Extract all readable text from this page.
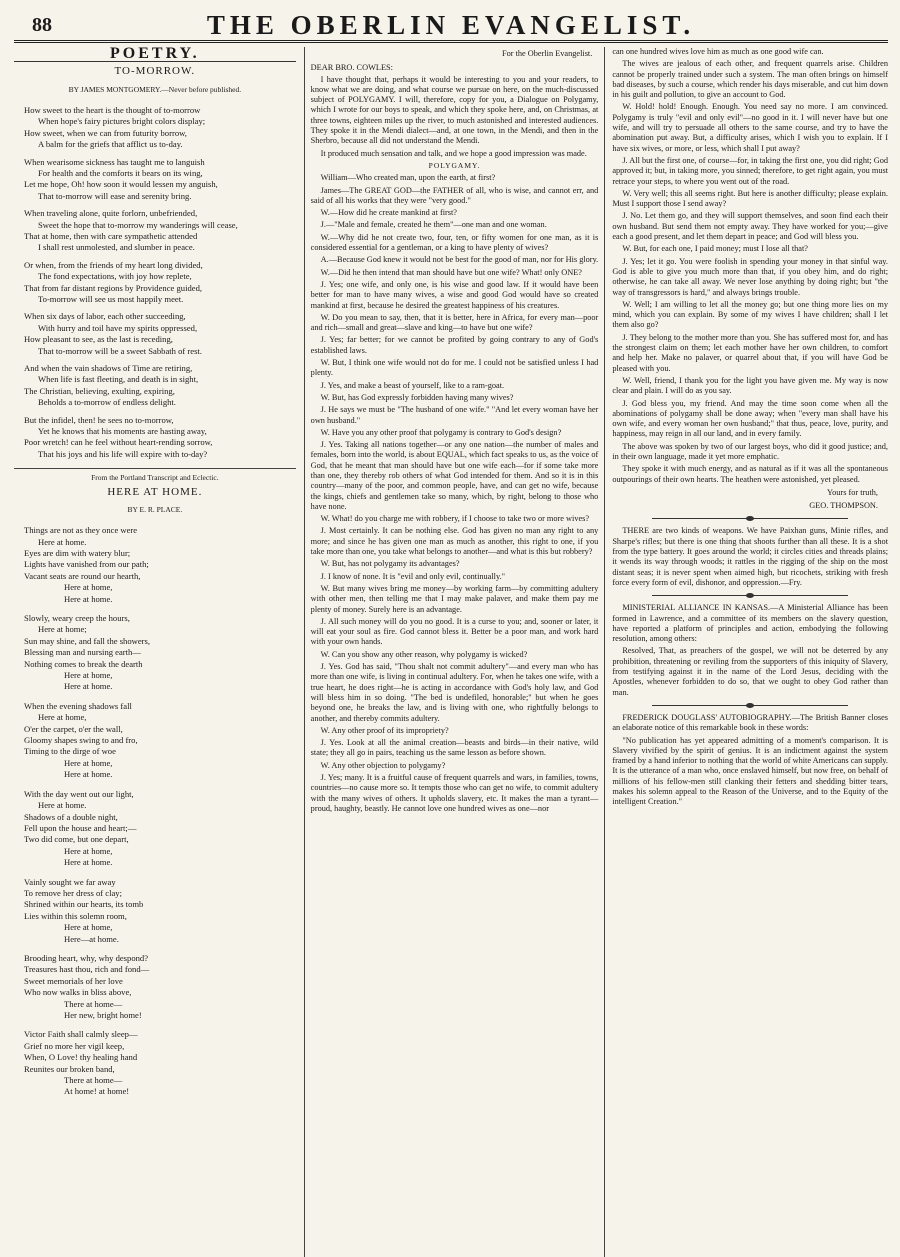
88	THE OBERLIN EVANGELIST.
POETRY.
TO-MORROW.
BY JAMES MONTGOMERY.—Never before published.
How sweet to the heart is the thought of to-morrow
When hope's fairy pictures bright colors display;
How sweet, when we can from futurity borrow,
A balm for the griefs that afflict us to-day.
When wearisome sickness has taught me to languish
For health and the comforts it bears on its wing,
Let me hope, Oh! how soon it would lessen my anguish,
That to-morrow will ease and serenity bring.
When traveling alone, quite forlorn, unbefriended,
Sweet the hope that to-morrow my wanderings will cease,
That at home, then with care sympathetic attended
I shall rest unmolested, and slumber in peace.
Or when, from the friends of my heart long divided,
The fond expectations, with joy how replete,
That from far distant regions by Providence guided,
To-morrow will see us most happily meet.
When six days of labor, each other succeeding,
With hurry and toil have my spirits oppressed,
How pleasant to see, as the last is receding,
That to-morrow will be a sweet Sabbath of rest.
And when the vain shadows of Time are retiring,
When life is fast fleeting, and death is in sight,
The Christian, believing, exulting, expiring,
Beholds a to-morrow of endless delight.
But the infidel, then! he sees no to-morrow,
Yet he knows that his moments are hasting away,
Poor wretch! can he feel without heart-rending sorrow,
That his joys and his life will expire with to-day?
From the Portland Transcript and Eclectic.
HERE AT HOME.
BY E. R. PLACE.
Things are not as they once were
Here at home.
Eyes are dim with watery blur;
Lights have vanished from our path;
Vacant seats are round our hearth,
Here at home,
Here at home.
Slowly, weary creep the hours,
Here at home;
Sun may shine, and fall the showers,
Blessing man and nursing earth—
Nothing comes to break the dearth
Here at home,
Here at home.
When the evening shadows fall
Here at home,
O'er the carpet, o'er the wall,
Gloomy shapes swing to and fro,
Timing to the dirge of woe
Here at home,
Here at home.
With the day went out our light,
Here at home.
Shadows of a double night,
Fell upon the house and heart;—
Two did come, but one depart,
Here at home,
Here at home.
Vainly sought we far away
To remove her dress of clay;
Shrined within our hearts, its tomb
Lies within this solemn room,
Here at home,
Here—at home.
Brooding heart, why, why despond?
Treasures hast thou, rich and fond—
Sweet memorials of her love
Who now walks in bliss above,
There at home—
Her new, bright home!
Victor Faith shall calmly sleep—
Grief no more her vigil keep,
When, O Love! thy healing hand
Reunites our broken band,
There at home—
At home! at home!

For the Oberlin Evangelist.

DEAR BRO. COWLES:

I have thought that, perhaps it would be interesting to you and your readers, to know what we are doing, and what course we pursue on here, on the much-discussed subject of POLYGAMY. I will, therefore, copy for you, a Dialogue on Polygamy, which I wrote for our boys to speak, and which they spoke here, and, on Christmas, at three towns, eighteen miles up the river, to much astonished and interested audiences. They spoke it in the Mendi dialect—and, at one town, in the Mendi, and then in the Sherbro, because all did not understand the Mendi.

It produced much sensation and talk, and we hope a good impression was made.

POLYGAMY.

William—Who created man, upon the earth, at first?

James—The GREAT GOD—the FATHER of all, who is wise, and cannot err, and said of all his works that they were "very good."

W.—How did he create mankind at first?

J.—"Male and female, created he them"—one man and one woman.

W.—Why did he not create two, four, ten, or fifty women for one man, as it is considered essential for a gentleman, or a king to have plenty of wives?

A.—Because God knew it would not be best for the good of man, nor for His glory.

W.—Did he then intend that man should have but one wife? What! only ONE?

J. Yes; one wife, and only one, is his wise and good law. If it would have been better for man to have many wives, a wise and good God would have so created mankind at first, because he desired the greatest happiness of his creatures.

W. Do you mean to say, then, that it is better, here in Africa, for every man—poor and rich—small and great—slave and king—to have but one wife?

J. Yes; far better; for we cannot be profited by going contrary to any of God's established laws.

W. But, I think one wife would not do for me. I could not be satisfied unless I had plenty.

J. Yes, and make a beast of yourself, like to a ram-goat.

W. But, has God expressly forbidden having many wives?

J. He says we must be "The husband of one wife." "And let every woman have her own husband."

W. Have you any other proof that polygamy is contrary to God's design?

J. Yes. Taking all nations together—or any one nation—the number of males and females, born into the world, is about EQUAL, which fact speaks to us, as the voice of God, that he meant that man should have but one wife each—for if some take more than one, they thereby rob others of what God intended for them. And so it is in this country—many of the poor, and common people, have, and can get no wife, because the kings, chiefs and gentlemen take so many, which, by right, belong to those who have none.

W. What! do you charge me with robbery, if I choose to take two or more wives?

J. Most certainly. It can be nothing else. God has given no man any right to any more; and since he has given one man as much as another, this right to one, if you take more than one, you take what belongs to another—and what is this but robbery?

W. But, has not polygamy its advantages?

J. I know of none. It is "evil and only evil, continually."

W. But many wives bring me money—by working farm—by committing adultery with other men, then telling me that I may make palaver, and make them pay me plenty of money. Surely here is an advantage.

J. All such money will do you no good. It is a curse to you; and, sooner or later, it will eat your soul as fire. God cannot bless it. Better be a poor man, and work hard with your own hands.

W. Can you show any other reason, why polygamy is wicked?

J. Yes. God has said, "Thou shalt not commit adultery"—and every man who has more than one wife, is living in continual adultery. For, when he takes one wife, with a true heart, he does right—he is acting in accordance with God's holy law, and God will bless him in so doing. "The bed is undefiled, honorable;" but when he goes beyond one, he breaks the law, and is living with one, who rightfully belongs to another, and thereby commits adultery.

W. Any other proof of its impropriety?

J. Yes. Look at all the animal creation—beasts and birds—in their native, wild state; they all go in pairs, teaching us the same lesson as before shown.

W. Any other objection to polygamy?

J. Yes; many. It is a fruitful cause of frequent quarrels and wars, in families, towns, countries—no cause more so. It tempts those who can get no wife, to commit adultery with the many wives of others. It upholds slavery, etc. It makes the man a tyrant—proud, haughty, beastly. He cannot love one hundred wives as one—nor

can one hundred wives love him as much as one good wife can.

The wives are jealous of each other, and frequent quarrels arise. Children cannot be properly trained under such a system. The man often brings on himself bad diseases, by such a course, which render his days miserable, and cut him down in his guilt and pollution, to give an account to God.

W. Hold! hold! Enough. Enough. You need say no more. I am convinced. Polygamy is truly "evil and only evil"—no good in it. I will never have but one wife, and will try to persuade all others to the same course, and try to have the abomination put away. But, a difficulty arises, which I wish you to explain. If I have six wives, or more, or less, which shall I put away?

J. All but the first one, of course—for, in taking the first one, you did right; God approved it; but, in taking more, you sinned; therefore, to get right again, you must retrace your steps, to where you went out of the road.

W. Very well; this all seems right. But here is another difficulty; please explain. Must I support those I send away?

J. No. Let them go, and they will support themselves, and soon find each their own husband. But send them not empty away. They have worked for you;—give each a good present, and let them depart in peace; and God will bless you.

W. But, for each one, I paid money; must I lose all that?

J. Yes; let it go. You were foolish in spending your money in that sinful way. God is able to give you much more than that, if you obey him, and do right; otherwise, he can take all away. We never lose anything by doing right; but "the way of transgressors is hard," and always brings trouble.

W. Well; I am willing to let all the money go; but one thing more lies on my mind, which you can explain. By some of my wives I have children; shall I let them also go?

J. They belong to the mother more than you. She has suffered most for, and has the strongest claim on them; let each mother have her own children, to comfort and help her. Make no palaver, or quarrel about that, if you will have God be pleased with you.

W. Well, friend, I thank you for the light you have given me. My way is now clear and plain. I will do as you say.

J. God bless you, my friend. And may the time soon come when all the abominations of polygamy shall be done away; when "every man shall have his own wife, and every woman her own husband;" that thus, peace, love, purity, and happiness, may reign in all our land, and in every family.

The above was spoken by two of our largest boys, who did it good justice; and, in their own language, made it yet more emphatic.

They spoke it with much energy, and as natural as if it was all the spontaneous outpourings of their own hearts. The heathen were astonished, yet pleased.

Yours for truth,

GEO. THOMPSON.

THERE are two kinds of weapons. We have Paixhan guns, Minie rifles, and Sharpe's rifles; but there is one thing that shoots further than all these. It is a shot from the type battery. It goes around the world; it circles cities and threads plains; it wends its way through woods; it rattles in the rigging of the ship on the most distant seas; it is never spent when aimed high, but ricochets, striking with fresh force every form of evil, dishonor, and oppression.—Fry.

MINISTERIAL ALLIANCE IN KANSAS.—A Ministerial Alliance has been formed in Lawrence, and a committee of its members on the slavery question, have reported a platform of principles and action, embodying the following resolution, among others:

Resolved, That, as preachers of the gospel, we will not be deterred by any prohibition, threatening or reviling from the supporters of this iniquity of Slavery, from testifying against it in the name of the Lord Jesus, deciding with the Apostles, whenever forbidden to do so, that we ought to obey God rather than man.

FREDERICK DOUGLASS' AUTOBIOGRAPHY.—The British Banner closes an elaborate notice of this remarkable book in these words:

"No publication has yet appeared admitting of a moment's comparison. It is Slavery vivified by the spirit of genius. It is an indictment against the system framed by a hand inferior to nothing that the world of white Americans can supply. It is the utterance of a man who, once enslaved himself, but now free, on behalf of millions of his fellow-men still clanking their fetters and shedding bitter tears, makes his solemn appeal to the Reason of the Universe, and to the Equity of the intelligent Creation."
